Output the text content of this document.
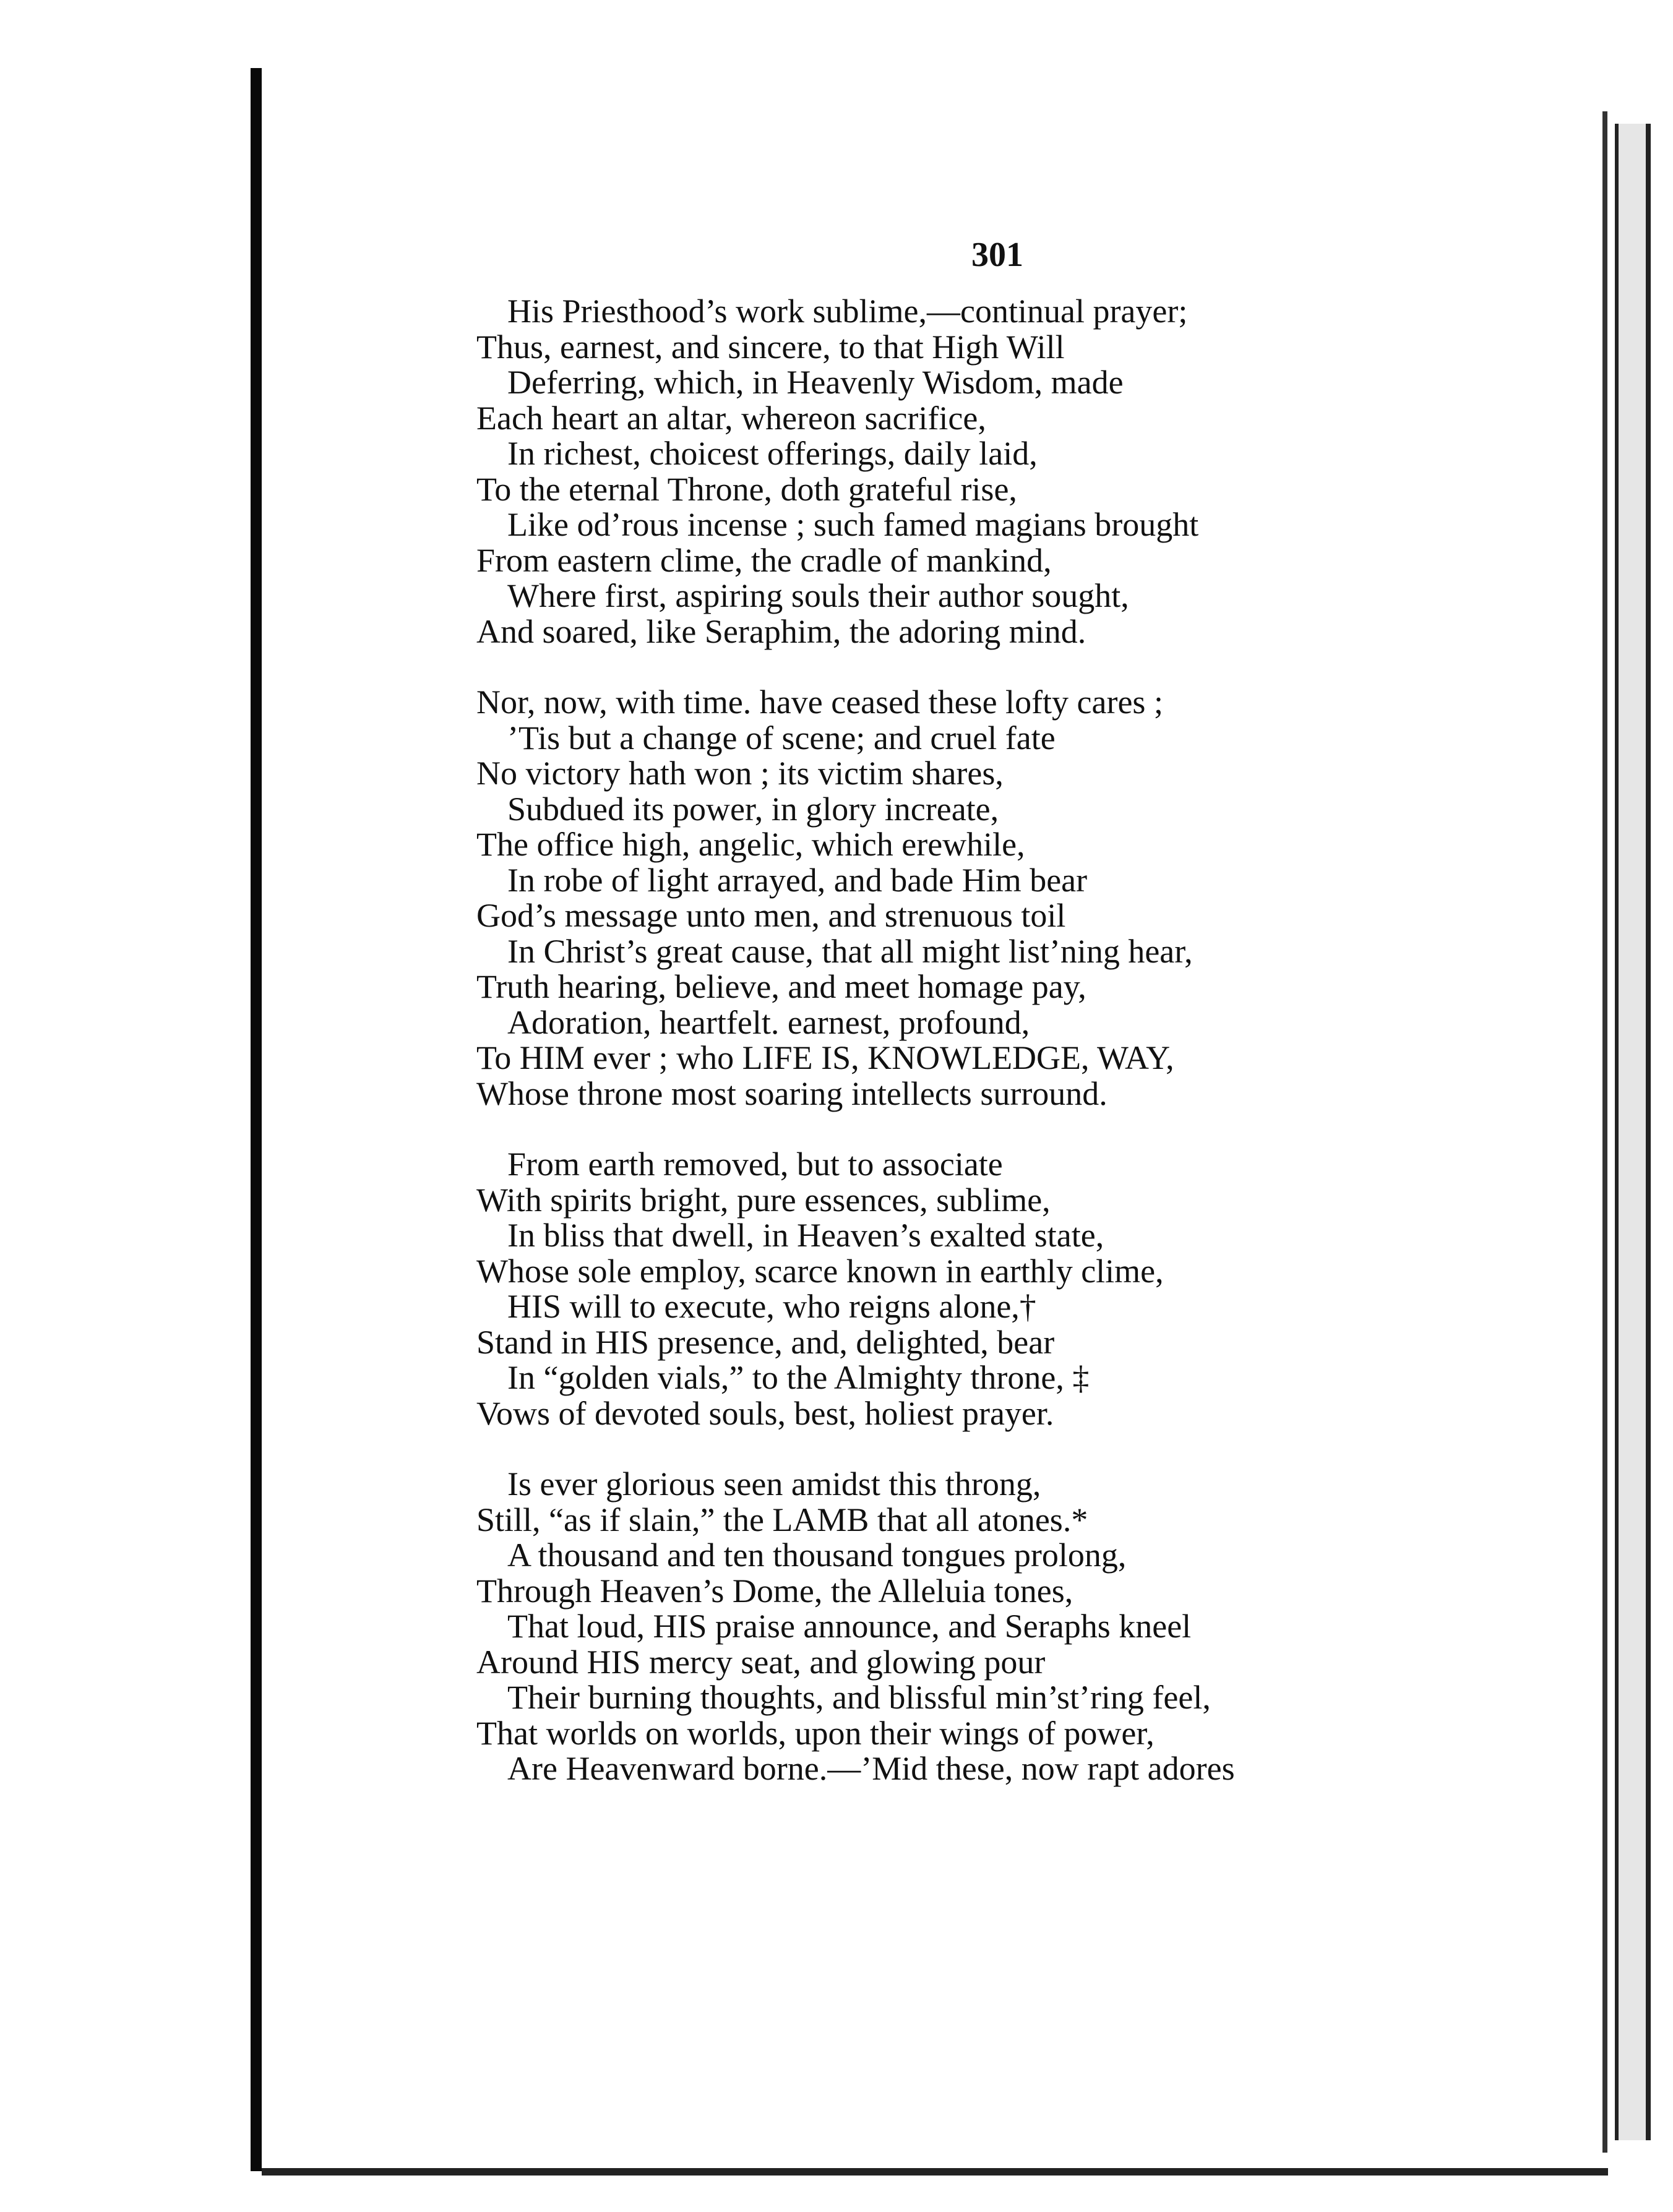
301
His Priesthood’s work sublime,—continual prayer;
Thus, earnest, and sincere, to that High Will
Deferring, which, in Heavenly Wisdom, made
Each heart an altar, whereon sacrifice,
In richest, choicest offerings, daily laid,
To the eternal Throne, doth grateful rise,
Like od’rous incense ; such famed magians brought
From eastern clime, the cradle of mankind,
Where first, aspiring souls their author sought,
And soared, like Seraphim, the adoring mind.
Nor, now, with time. have ceased these lofty cares ;
’Tis but a change of scene; and cruel fate
No victory hath won ; its victim shares,
Subdued its power, in glory increate,
The office high, angelic, which erewhile,
In robe of light arrayed, and bade Him bear
God’s message unto men, and strenuous toil
In Christ’s great cause, that all might list’ning hear,
Truth hearing, believe, and meet homage pay,
Adoration, heartfelt. earnest, profound,
To HIM ever ; who LIFE IS, KNOWLEDGE, WAY,
Whose throne most soaring intellects surround.
From earth removed, but to associate
With spirits bright, pure essences, sublime,
In bliss that dwell, in Heaven’s exalted state,
Whose sole employ, scarce known in earthly clime,
HIS will to execute, who reigns alone,†
Stand in HIS presence, and, delighted, bear
In “golden vials,” to the Almighty throne, ‡
Vows of devoted souls, best, holiest prayer.
Is ever glorious seen amidst this throng,
Still, “as if slain,” the LAMB that all atones.*
A thousand and ten thousand tongues prolong,
Through Heaven’s Dome, the Alleluia tones,
That loud, HIS praise announce, and Seraphs kneel
Around HIS mercy seat, and glowing pour
Their burning thoughts, and blissful min’st’ring feel,
That worlds on worlds, upon their wings of power,
Are Heavenward borne.—’Mid these, now rapt adores
